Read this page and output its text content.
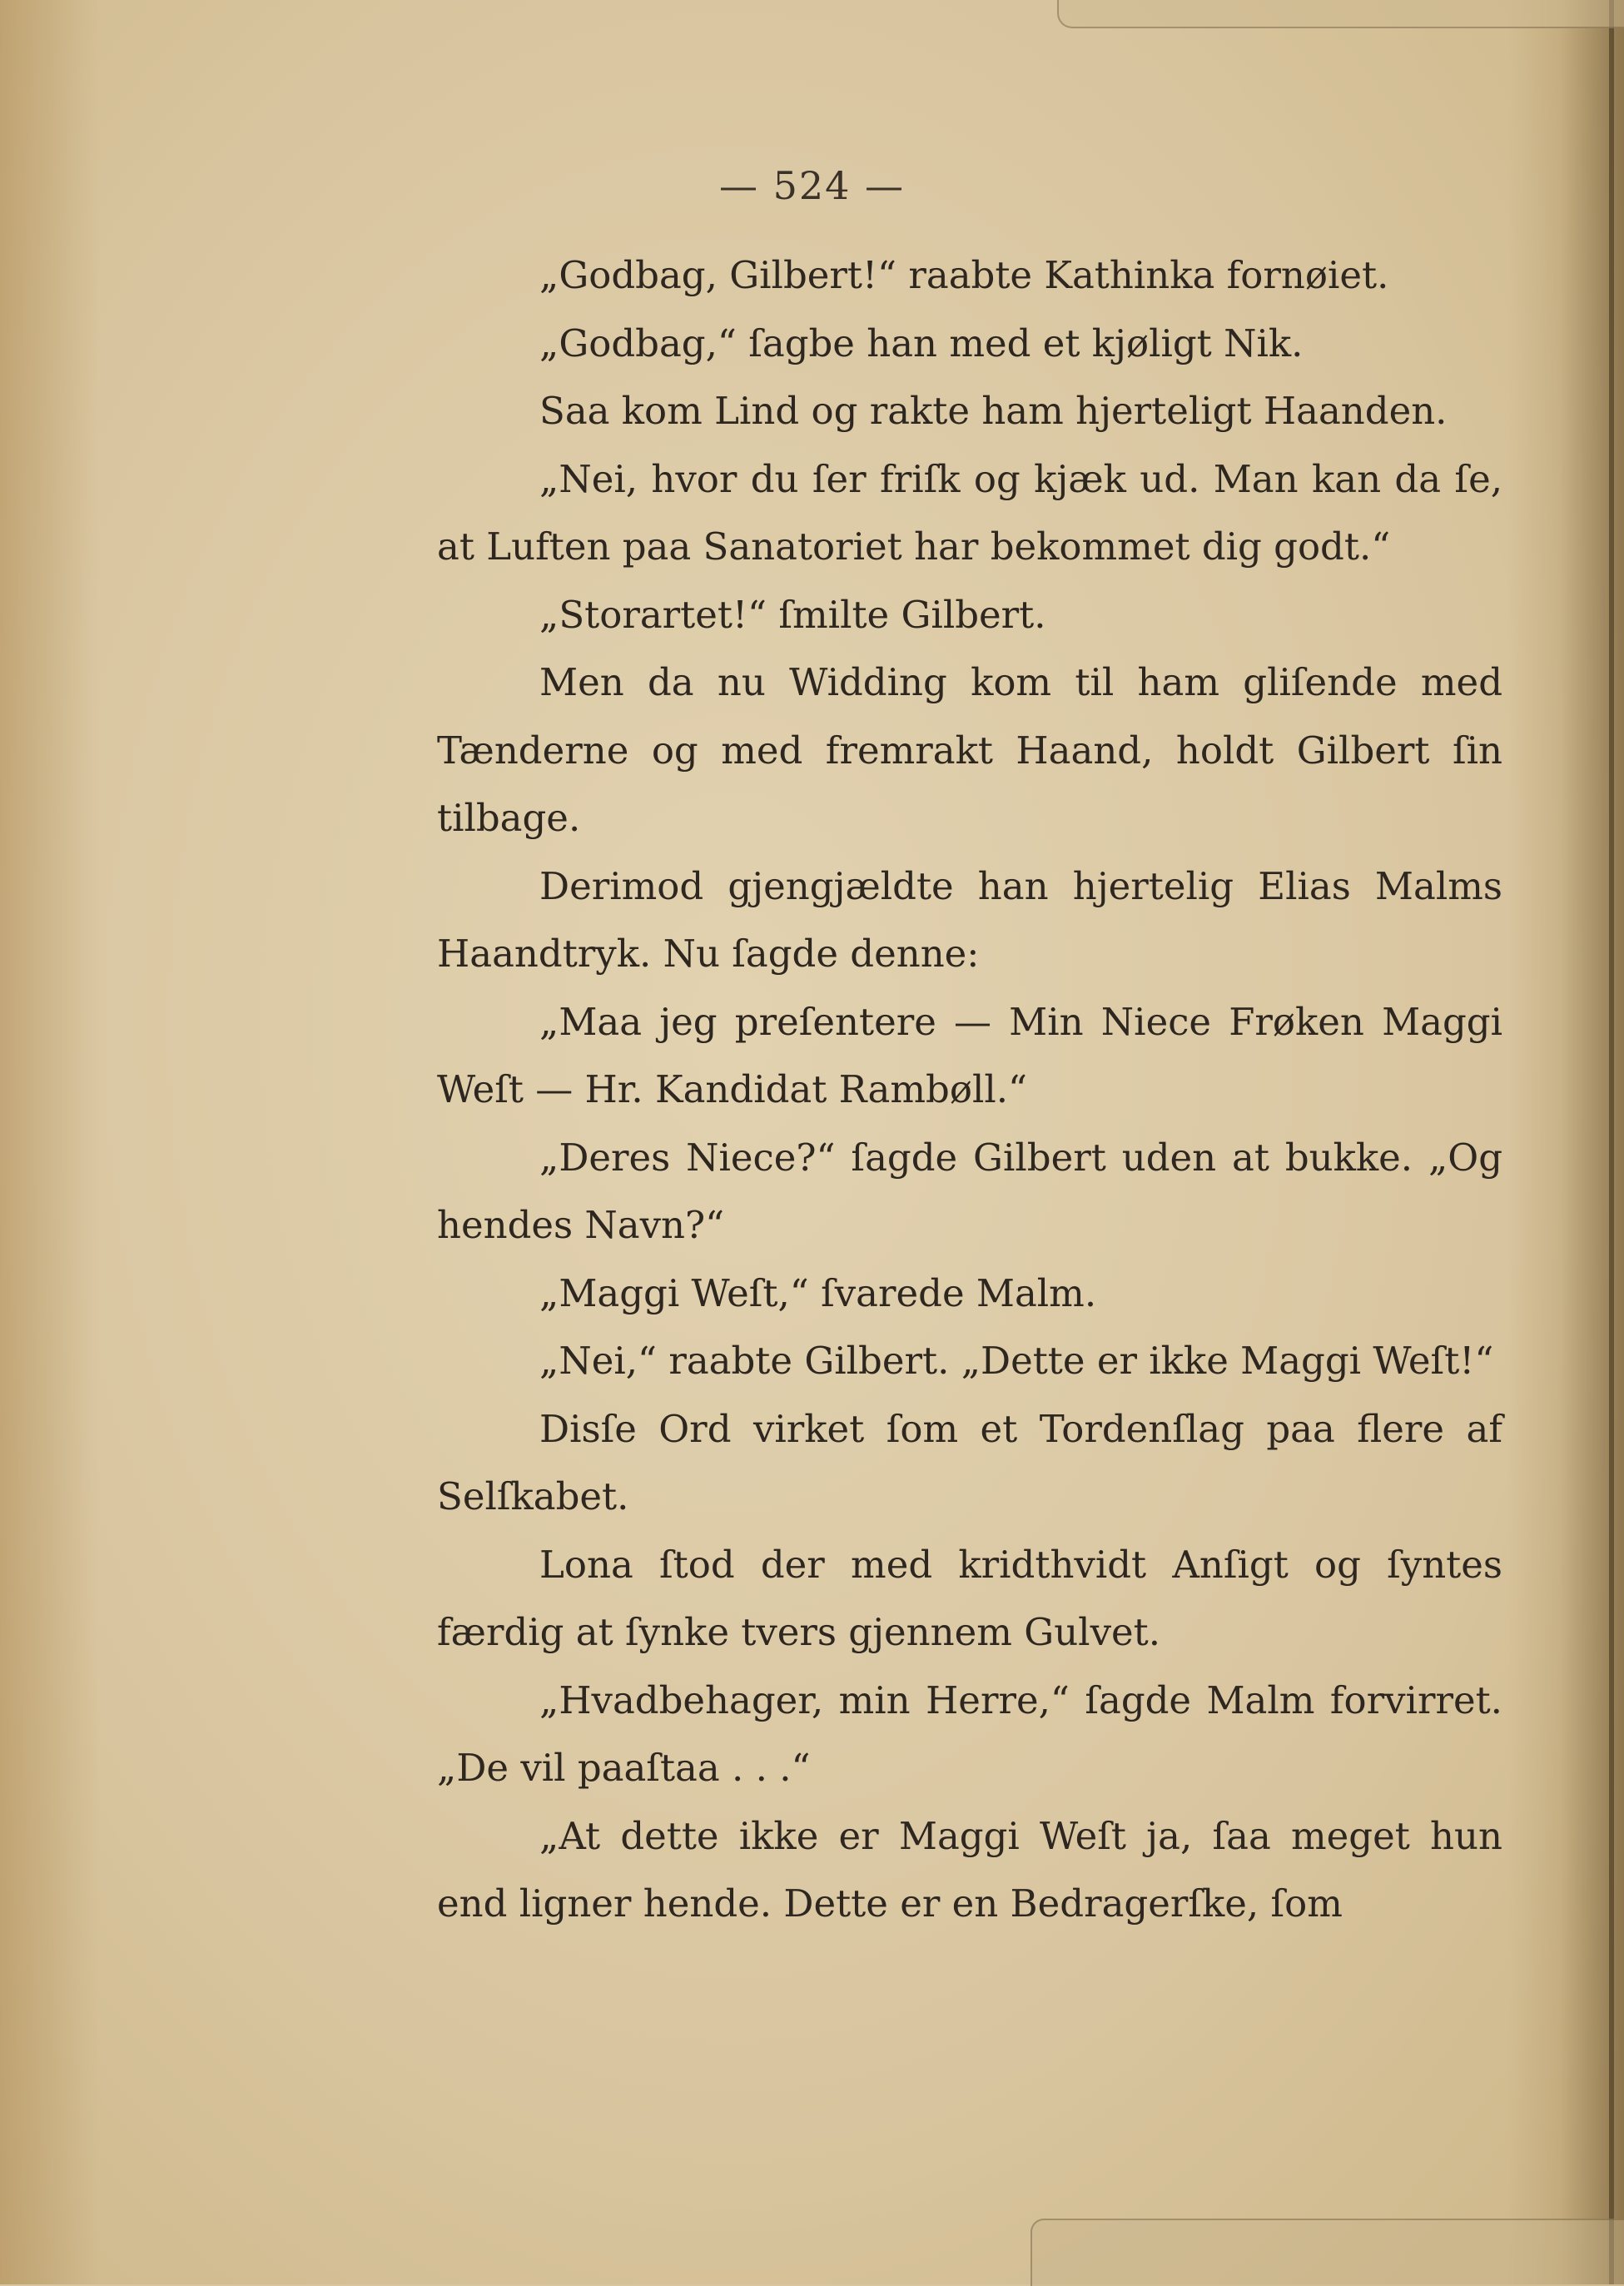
— 524 —

„Godbag, Gilbert!“ raabte Kathinka fornøiet.

„Godbag,“ ſagbe han med et kjøligt Nik.

Saa kom Lind og rakte ham hjerteligt Haanden.

„Nei, hvor du ſer friſk og kjæk ud. Man kan da ſe, at Luften paa Sanatoriet har bekommet dig godt.“

„Storartet!“ ſmilte Gilbert.

Men da nu Widding kom til ham gliſende med Tænderne og med fremrakt Haand, holdt Gilbert ſin tilbage.

Derimod gjengjældte han hjertelig Elias Malms Haandtryk. Nu ſagde denne:

„Maa jeg preſentere — Min Niece Frøken Maggi Weſt — Hr. Kandidat Rambøll.“

„Deres Niece?“ ſagde Gilbert uden at bukke. „Og hendes Navn?“

„Maggi Weſt,“ ſvarede Malm.

„Nei,“ raabte Gilbert. „Dette er ikke Maggi Weſt!“

Disſe Ord virket ſom et Tordenſlag paa flere af Selſkabet.

Lona ſtod der med kridthvidt Anſigt og ſyntes færdig at ſynke tvers gjennem Gulvet.

„Hvadbehager, min Herre,“ ſagde Malm forvirret. „De vil paaſtaa . . .“

„At dette ikke er Maggi Weſt ja, ſaa meget hun end ligner hende. Dette er en Bedragerſke, ſom
